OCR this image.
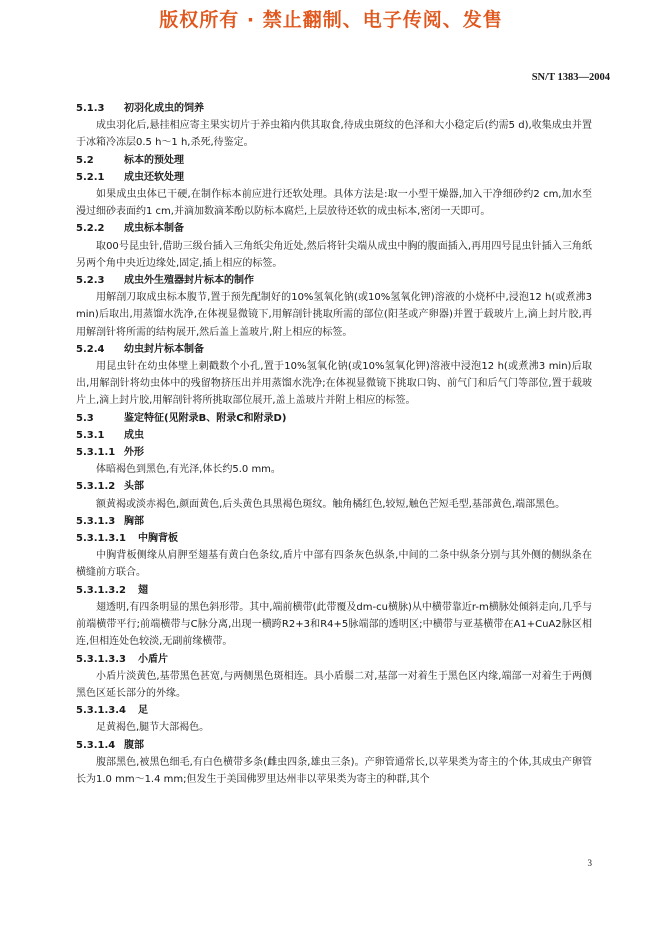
版权所有 · 禁止翻制、电子传阅、发售
SN/T 1383—2004

5.1.3 初羽化成虫的饲养

成虫羽化后,悬挂相应寄主果实切片于养虫箱内供其取食,待成虫斑纹的色泽和大小稳定后(约需5 d),收集成虫并置于冰箱冷冻层0.5 h～1 h,杀死,待鉴定。

5.2	标本的预处理

5.2.1 成虫还软处理

如果成虫虫体已干硬,在制作标本前应进行还软处理。具体方法是:取一小型干燥器,加入干净细砂约2 cm,加水至漫过细砂表面约1 cm,并滴加数滴苯酚以防标本腐烂,上层放待还软的成虫标本,密闭一天即可。

5.2.2 成虫标本制备

取00号昆虫针,借助三级台插入三角纸尖角近处,然后将针尖端从成虫中胸的腹面插入,再用四号昆虫针插入三角纸另两个角中央近边缘处,固定,插上相应的标签。

5.2.3 成虫外生殖器封片标本的制作

用解剖刀取成虫标本腹节,置于预先配制好的10%氢氧化钠(或10%氢氧化钾)溶液的小烧杯中,浸泡12 h(或煮沸3 min)后取出,用蒸馏水洗净,在体视显微镜下,用解剖针挑取所需的部位(阳茎或产卵器)并置于载玻片上,滴上封片胶,再用解剖针将所需的结构展开,然后盖上盖玻片,附上相应的标签。

5.2.4 幼虫封片标本制备

用昆虫针在幼虫体壁上刺戳数个小孔,置于10%氢氧化钠(或10%氢氧化钾)溶液中浸泡12 h(或煮沸3 min)后取出,用解剖针将幼虫体中的残留物挤压出并用蒸馏水洗净;在体视显微镜下挑取口钩、前气门和后气门等部位,置于载玻片上,滴上封片胶,用解剖针将所挑取部位展开,盖上盖玻片并附上相应的标签。

5.3	鉴定特征(见附录B、附录C和附录D)

5.3.1 成虫

5.3.1.1 外形

体暗褐色到黑色,有光泽,体长约5.0 mm。

5.3.1.2 头部

额黄褐或淡赤褐色,颜面黄色,后头黄色具黑褐色斑纹。触角橘红色,较短,触色芒短毛型,基部黄色,端部黑色。

5.3.1.3 胸部

5.3.1.3.1 中胸背板

中胸背板侧缘从肩胛至翅基有黄白色条纹,盾片中部有四条灰色纵条,中间的二条中纵条分别与其外侧的侧纵条在横缝前方联合。

5.3.1.3.2 翅

翅透明,有四条明显的黑色斜形带。其中,端前横带(此带覆及dm-cu横脉)从中横带靠近r-m横脉处倾斜走向,几乎与前端横带平行;前端横带与C脉分离,出现一横跨R2+3和R4+5脉端部的透明区;中横带与亚基横带在A1+CuA2脉区相连,但相连处色较淡,无副前缘横带。

5.3.1.3.3 小盾片

小盾片淡黄色,基带黑色甚宽,与两侧黑色斑相连。具小盾鬃二对,基部一对着生于黑色区内缘,端部一对着生于两侧黑色区延长部分的外缘。

5.3.1.3.4 足

足黄褐色,腿节大部褐色。

5.3.1.4 腹部

腹部黑色,被黑色细毛,有白色横带多条(雌虫四条,雄虫三条)。产卵管通常长,以苹果类为寄主的个体,其成虫产卵管长为1.0 mm～1.4 mm;但发生于美国佛罗里达州非以苹果类为寄主的种群,其个

3
